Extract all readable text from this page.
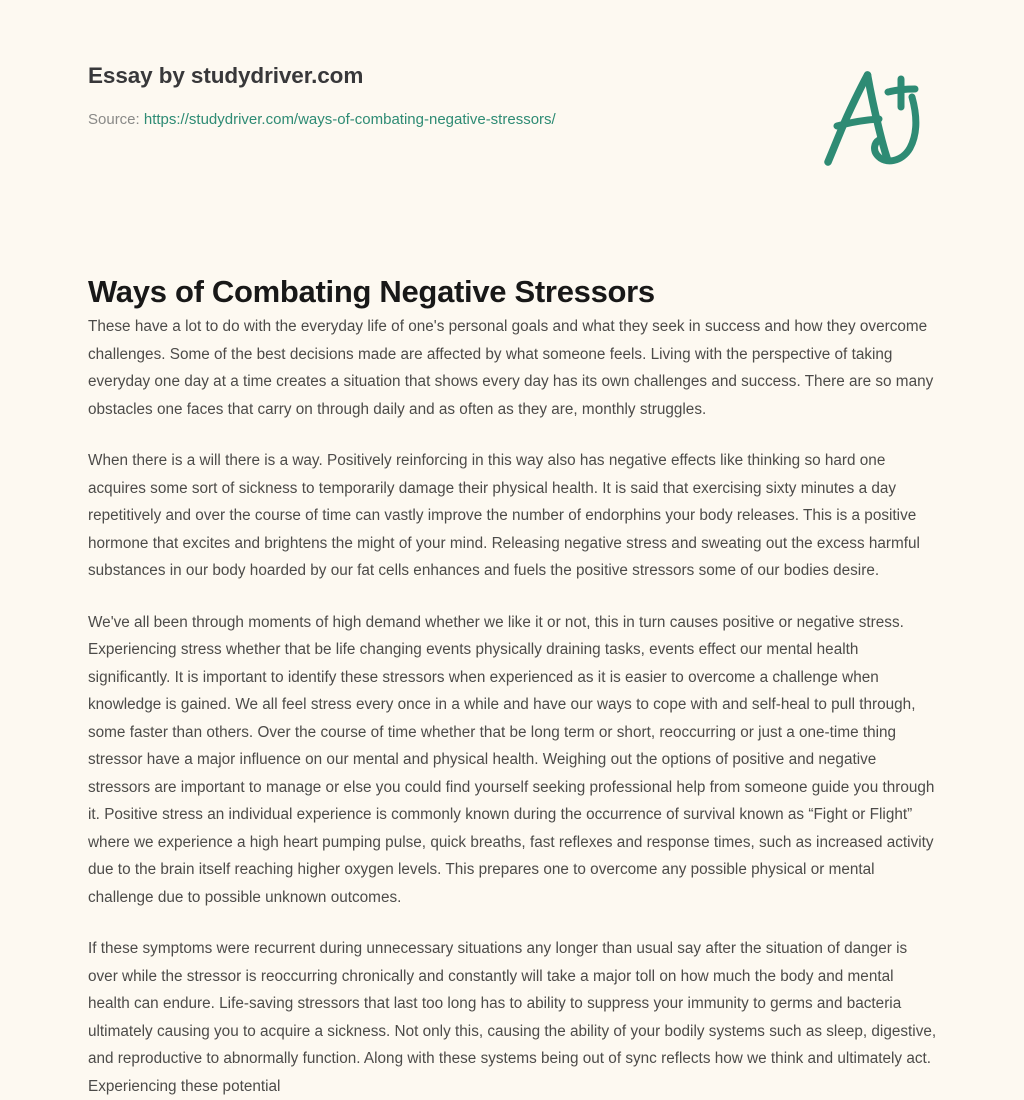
Essay by studydriver.com
Source: https://studydriver.com/ways-of-combating-negative-stressors/
Ways of Combating Negative Stressors

These have a lot to do with the everyday life of one's personal goals and what they seek in success and how they overcome challenges. Some of the best decisions made are affected by what someone feels. Living with the perspective of taking everyday one day at a time creates a situation that shows every day has its own challenges and success. There are so many obstacles one faces that carry on through daily and as often as they are, monthly struggles.

When there is a will there is a way. Positively reinforcing in this way also has negative effects like thinking so hard one acquires some sort of sickness to temporarily damage their physical health. It is said that exercising sixty minutes a day repetitively and over the course of time can vastly improve the number of endorphins your body releases. This is a positive hormone that excites and brightens the might of your mind. Releasing negative stress and sweating out the excess harmful substances in our body hoarded by our fat cells enhances and fuels the positive stressors some of our bodies desire.

We've all been through moments of high demand whether we like it or not, this in turn causes positive or negative stress. Experiencing stress whether that be life changing events physically draining tasks, events effect our mental health significantly. It is important to identify these stressors when experienced as it is easier to overcome a challenge when knowledge is gained. We all feel stress every once in a while and have our ways to cope with and self-heal to pull through, some faster than others. Over the course of time whether that be long term or short, reoccurring or just a one-time thing stressor have a major influence on our mental and physical health. Weighing out the options of positive and negative stressors are important to manage or else you could find yourself seeking professional help from someone guide you through it. Positive stress an individual experience is commonly known during the occurrence of survival known as “Fight or Flight” where we experience a high heart pumping pulse, quick breaths, fast reflexes and response times, such as increased activity due to the brain itself reaching higher oxygen levels. This prepares one to overcome any possible physical or mental challenge due to possible unknown outcomes.

If these symptoms were recurrent during unnecessary situations any longer than usual say after the situation of danger is over while the stressor is reoccurring chronically and constantly will take a major toll on how much the body and mental health can endure. Life-saving stressors that last too long has to ability to suppress your immunity to germs and bacteria ultimately causing you to acquire a sickness. Not only this, causing the ability of your bodily systems such as sleep, digestive, and reproductive to abnormally function. Along with these systems being out of sync reflects how we think and ultimately act. Experiencing these potential
